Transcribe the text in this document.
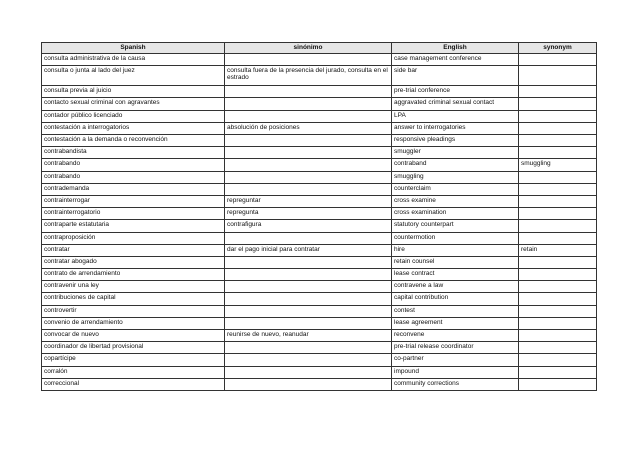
Spanish	sinónimo	English	synonym
consulta administrativa de la causa		case management conference	
consulta o junta al lado del juez	consulta fuera de la presencia del jurado, consulta en el estrado	side bar	
consulta previa al juicio		pre-trial conference	
contacto sexual criminal con agravantes		aggravated criminal sexual contact	
contador público licenciado		LPA	
contestación a interrogatorios	absolución de posiciones	answer to interrogatories	
contestación a la demanda o reconvención		responsive pleadings	
contrabandista		smuggler	
contrabando		contraband	smuggling
contrabando		smuggling	
contrademanda		counterclaim	
contrainterrogar	repreguntar	cross examine	
contrainterrogatorio	repregunta	cross examination	
contraparte estatutaria	contrafigura	statutory counterpart	
contraproposición		countermotion	
contratar	dar el pago inicial para contratar	hire	retain
contratar abogado		retain counsel	
contrato de arrendamiento		lease contract	
contravenir una ley		contravene a law	
contribuciones de capital		capital contribution	
controvertir		contest	
convenio de arrendamiento		lease agreement	
convocar de nuevo	reunirse de nuevo, reanudar	reconvene	
coordinador de libertad provisional		pre-trial release coordinator	
copartícipe		co-partner	
corralón		impound	
correccional		community corrections	
